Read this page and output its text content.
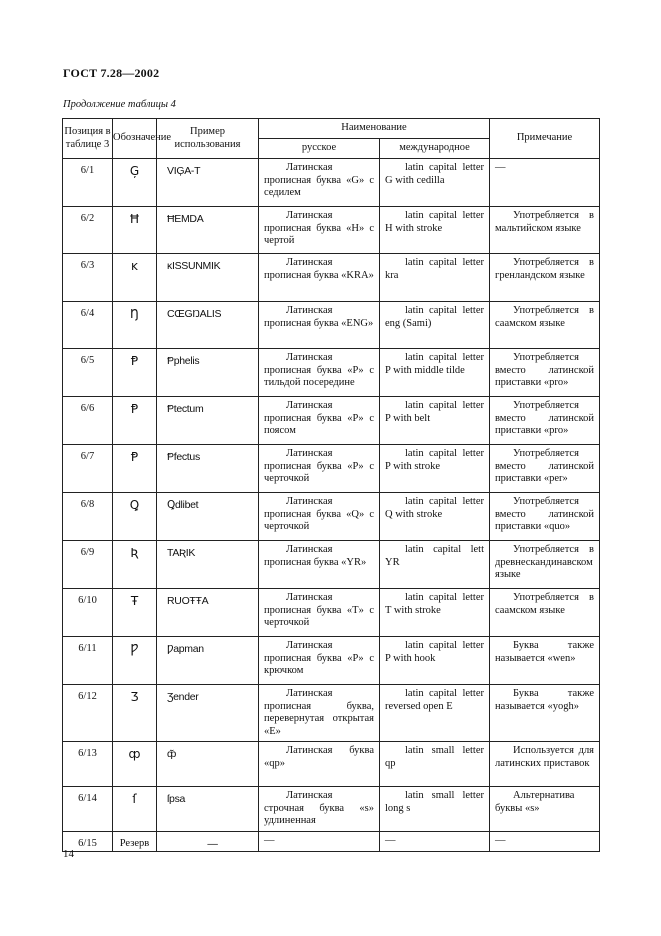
ГОСТ 7.28—2002
Продолжение таблицы 4
Позиция в таблице 3	Обозначение	Пример использования	Наименование		Примечание
			русское	международное	
6/1	Ģ	VIĢA-T	Латинская прописная буква «G» с седилем	latin capital letter G with cedilla	—
6/2	Ħ	ĦEMDA	Латинская прописная буква «H» с чертой	latin capital letter H with stroke	Употребляется в мальтийском языке
6/3	ĸ	ĸISSUNMIK	Латинская прописная буква «KRA»	latin capital letter kra	Употребляется в гренландском языке
6/4	Ŋ	CŒGŊALIS	Латинская прописная буква «ENG»	latin capital letter eng (Sami)	Употребляется в саамском языке
6/5	Ᵽ	Ᵽphelis	Латинская прописная буква «P» с тильдой посередине	latin capital letter P with middle tilde	Употребляется вместо латинской приставки «pro»
6/6	Ᵽ	Ᵽtectum	Латинская прописная буква «P» с поясом	latin capital letter P with belt	Употребляется вместо латинской приставки «pro»
6/7	Ᵽ	Ᵽfectus	Латинская прописная буква «P» с черточкой	latin capital letter P with stroke	Употребляется вместо латинской приставки «per»
6/8	Ꝗ	Ꝗdlibet	Латинская прописная буква «Q» с черточкой	latin capital letter Q with stroke	Употребляется вместо латинской приставки «quo»
6/9	Ʀ	TAƦIK	Латинская прописная буква «YR»	latin capital lett YR	Употребляется в древнескандинавском языке
6/10	Ŧ	RUOŦŦA	Латинская прописная буква «T» с черточкой	latin capital letter T with stroke	Употребляется в саамском языке
6/11	Ƿ	Ƿapman	Латинская прописная буква «P» с крючком	latin capital letter P with hook	Буква также называется «wen»
6/12	Ʒ	Ʒender	Латинская прописная буква, перевернутая открытая «E»	latin capital letter reversed open E	Буква также называется «yogh»
6/13	ȹ	ȹ̃	Латинская буква «qp»	latin small letter qp	Используется для латинских приставок
6/14	ſ	ſpsa	Латинская строчная буква «s» удлиненная	latin small letter long s	Альтернатива буквы «s»
6/15	Резерв	—	—	—	—
14
